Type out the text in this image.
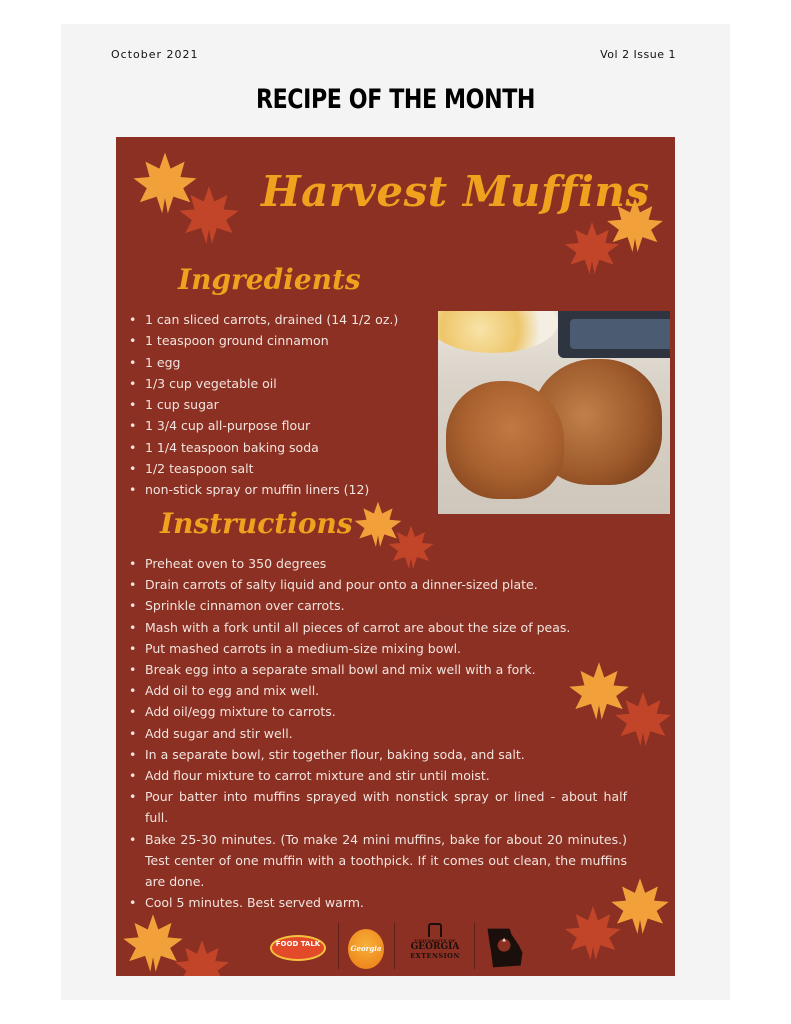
October 2021	Vol 2 Issue 1
RECIPE OF THE MONTH
Harvest Muffins
Ingredients
• 1 can sliced carrots, drained (14 1/2 oz.)
• 1 teaspoon ground cinnamon
• 1 egg
• 1/3 cup vegetable oil
• 1 cup sugar
• 1 3/4 cup all-purpose flour
• 1 1/4 teaspoon baking soda
• 1/2 teaspoon salt
• non-stick spray or muffin liners (12)
Instructions
• Preheat oven to 350 degrees
• Drain carrots of salty liquid and pour onto a dinner-sized plate.
• Sprinkle cinnamon over carrots.
• Mash with a fork until all pieces of carrot are about the size of peas.
• Put mashed carrots in a medium-size mixing bowl.
• Break egg into a separate small bowl and mix well with a fork.
• Add oil to egg and mix well.
• Add oil/egg mixture to carrots.
• Add sugar and stir well.
• In a separate bowl, stir together flour, baking soda, and salt.
• Add flour mixture to carrot mixture and stir until moist.
• Pour batter into muffins sprayed with nonstick spray or lined - about half full.
• Bake 25-30 minutes. (To make 24 mini muffins, bake for about 20 minutes.) Test center of one muffin with a toothpick. If it comes out clean, the muffins are done.
• Cool 5 minutes. Best served warm.
FOOD TALK	Georgia
UNIVERSITY OF
GEORGIA
EXTENSION
